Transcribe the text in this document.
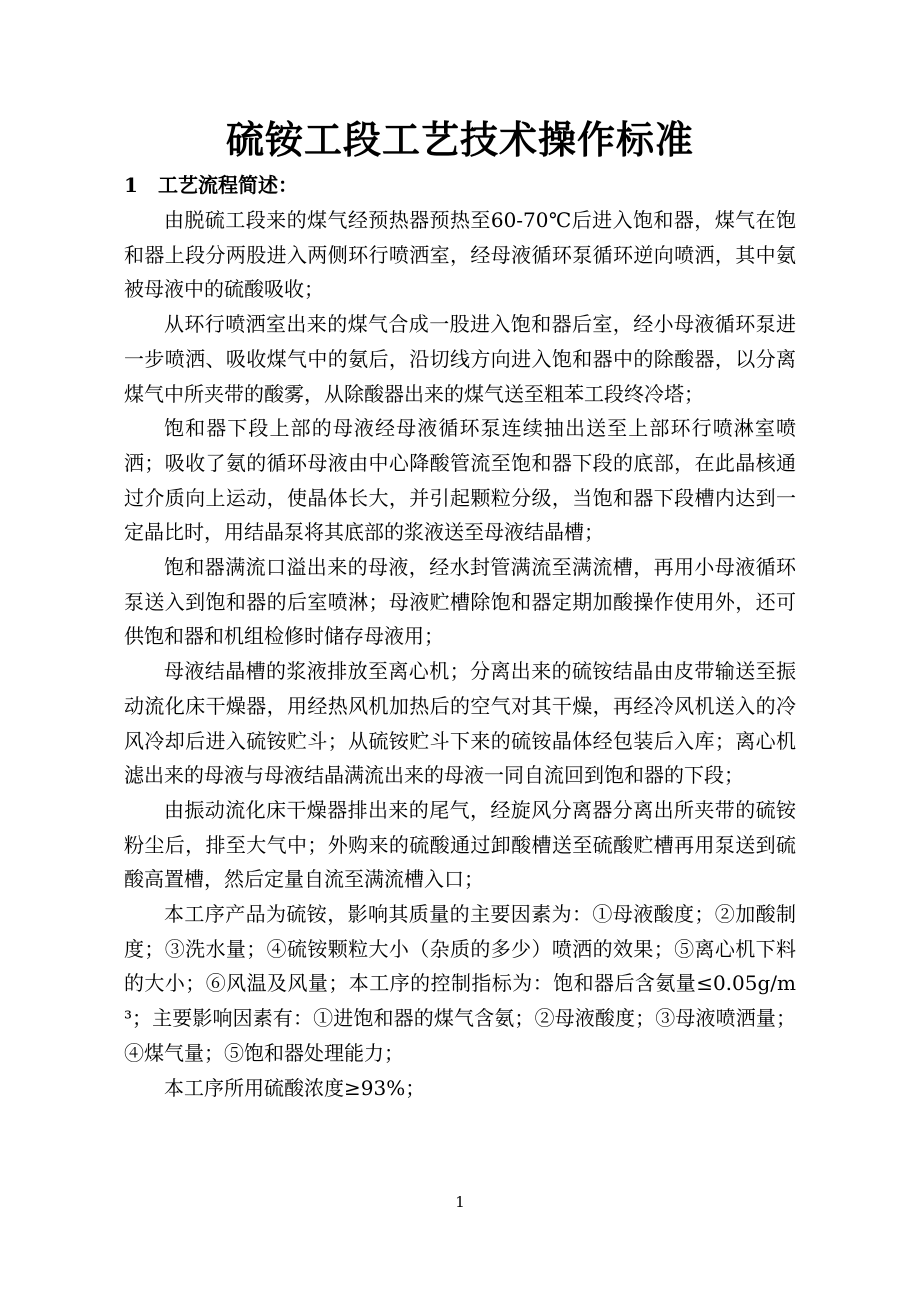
硫铵工段工艺技术操作标准
1 工艺流程简述：

由脱硫工段来的煤气经预热器预热至60-70℃后进入饱和器，煤气在饱和器上段分两股进入两侧环行喷洒室，经母液循环泵循环逆向喷洒，其中氨被母液中的硫酸吸收；

从环行喷洒室出来的煤气合成一股进入饱和器后室，经小母液循环泵进一步喷洒、吸收煤气中的氨后，沿切线方向进入饱和器中的除酸器，以分离煤气中所夹带的酸雾，从除酸器出来的煤气送至粗苯工段终冷塔；

饱和器下段上部的母液经母液循环泵连续抽出送至上部环行喷淋室喷洒；吸收了氨的循环母液由中心降酸管流至饱和器下段的底部，在此晶核通过介质向上运动，使晶体长大，并引起颗粒分级，当饱和器下段槽内达到一定晶比时，用结晶泵将其底部的浆液送至母液结晶槽；

饱和器满流口溢出来的母液，经水封管满流至满流槽，再用小母液循环泵送入到饱和器的后室喷淋；母液贮槽除饱和器定期加酸操作使用外，还可供饱和器和机组检修时储存母液用；

母液结晶槽的浆液排放至离心机；分离出来的硫铵结晶由皮带输送至振动流化床干燥器，用经热风机加热后的空气对其干燥，再经冷风机送入的冷风冷却后进入硫铵贮斗；从硫铵贮斗下来的硫铵晶体经包装后入库；离心机滤出来的母液与母液结晶满流出来的母液一同自流回到饱和器的下段；

由振动流化床干燥器排出来的尾气，经旋风分离器分离出所夹带的硫铵粉尘后，排至大气中；外购来的硫酸通过卸酸槽送至硫酸贮槽再用泵送到硫酸高置槽，然后定量自流至满流槽入口；

本工序产品为硫铵，影响其质量的主要因素为：①母液酸度；②加酸制度；③洗水量；④硫铵颗粒大小（杂质的多少）喷洒的效果；⑤离心机下料的大小；⑥风温及风量；本工序的控制指标为：饱和器后含氨量≤0.05g/m³；主要影响因素有：①进饱和器的煤气含氨；②母液酸度；③母液喷洒量；④煤气量；⑤饱和器处理能力；

本工序所用硫酸浓度≥93%；

1
